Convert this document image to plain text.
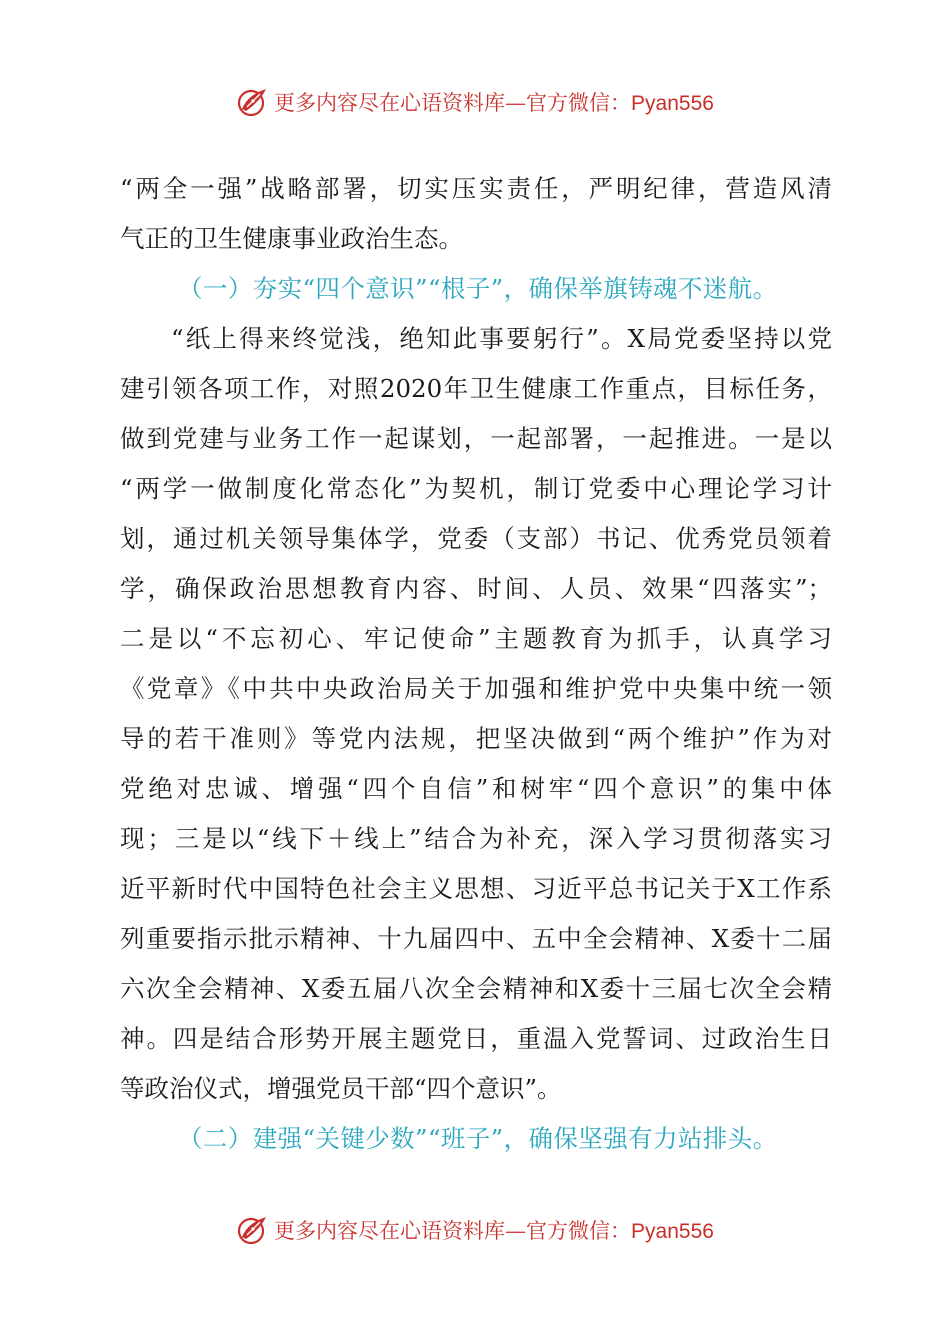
更多内容尽在心语资料库—官方微信：Pyan556
“两全一强”战略部署，切实压实责任，严明纪律，营造风清
气正的卫生健康事业政治生态。
（一）夯实“四个意识”“根子”，确保举旗铸魂不迷航。
“纸上得来终觉浅，绝知此事要躬行”。X局党委坚持以党
建引领各项工作，对照2020年卫生健康工作重点，目标任务，
做到党建与业务工作一起谋划，一起部署，一起推进。一是以
“两学一做制度化常态化”为契机，制订党委中心理论学习计
划，通过机关领导集体学，党委（支部）书记、优秀党员领着
学，确保政治思想教育内容、时间、人员、效果“四落实”；
二是以“不忘初心、牢记使命”主题教育为抓手，认真学习
《党章》《中共中央政治局关于加强和维护党中央集中统一领
导的若干准则》等党内法规，把坚决做到“两个维护”作为对
党绝对忠诚、增强“四个自信”和树牢“四个意识”的集中体
现；三是以“线下＋线上”结合为补充，深入学习贯彻落实习
近平新时代中国特色社会主义思想、习近平总书记关于X工作系
列重要指示批示精神、十九届四中、五中全会精神、X委十二届
六次全会精神、X委五届八次全会精神和X委十三届七次全会精
神。四是结合形势开展主题党日，重温入党誓词、过政治生日
等政治仪式，增强党员干部“四个意识”。
（二）建强“关键少数”“班子”，确保坚强有力站排头。
更多内容尽在心语资料库—官方微信：Pyan556
